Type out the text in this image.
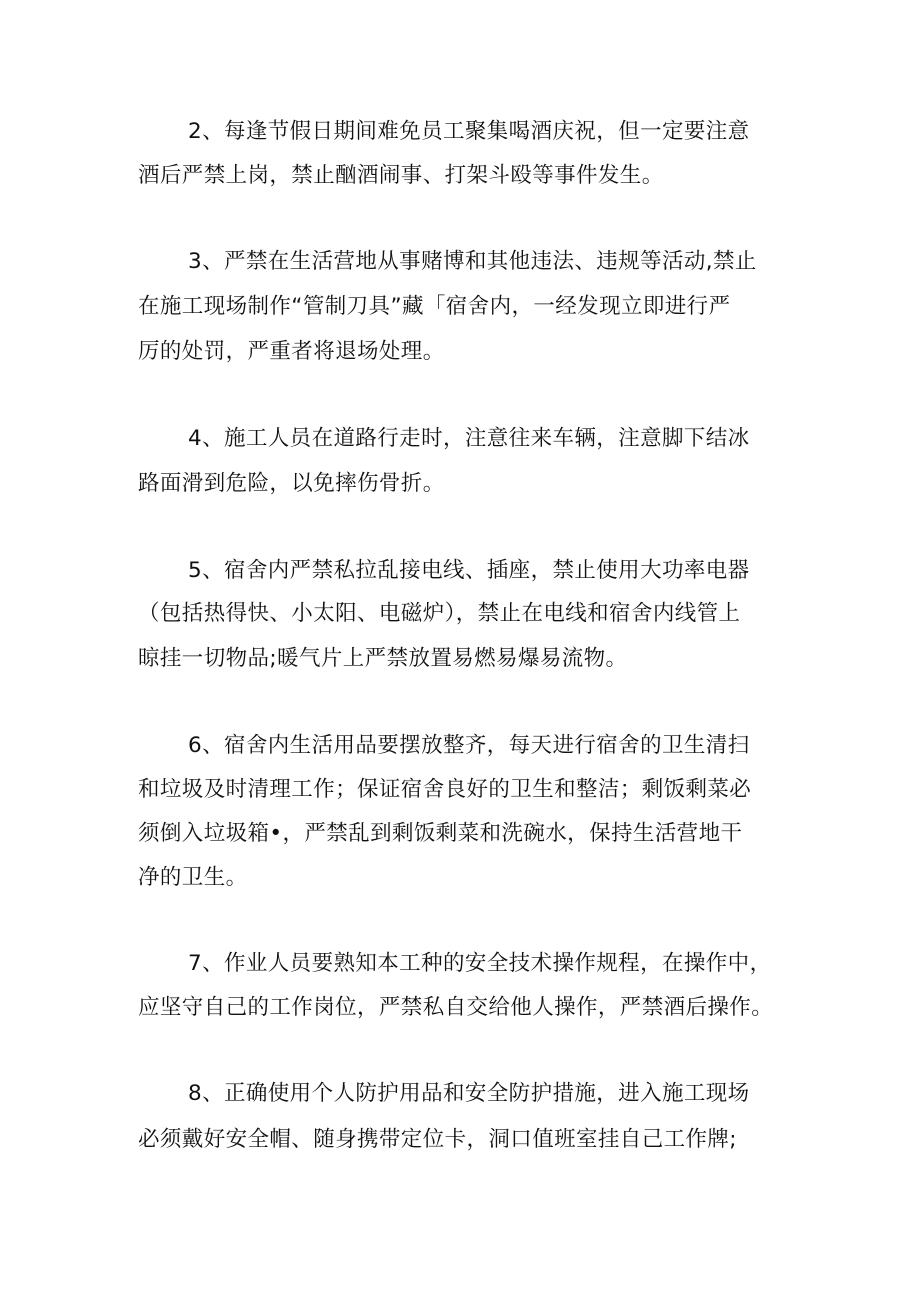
2、每逢节假日期间难免员工聚集喝酒庆祝，但一定要注意
酒后严禁上岗，禁止酗酒闹事、打架斗殴等事件发生。
3、严禁在生活营地从事赌博和其他违法、违规等活动,禁止
在施工现场制作“管制刀具”藏「宿舍内，一经发现立即进行严
厉的处罚，严重者将退场处理。
4、施工人员在道路行走时，注意往来车辆，注意脚下结冰
路面滑到危险，以免摔伤骨折。
5、宿舍内严禁私拉乱接电线、插座，禁止使用大功率电器
（包括热得快、小太阳、电磁炉），禁止在电线和宿舍内线管上
晾挂一切物品;暖气片上严禁放置易燃易爆易流物。
6、宿舍内生活用品要摆放整齐，每天进行宿舍的卫生清扫
和垃圾及时清理工作；保证宿舍良好的卫生和整洁；剩饭剩菜必
须倒入垃圾箱•，严禁乱到剩饭剩菜和洗碗水，保持生活营地干
净的卫生。
7、作业人员要熟知本工种的安全技术操作规程，在操作中，
应坚守自己的工作岗位，严禁私自交给他人操作，严禁酒后操作。
8、正确使用个人防护用品和安全防护措施，进入施工现场
必须戴好安全帽、随身携带定位卡，洞口值班室挂自己工作牌;
